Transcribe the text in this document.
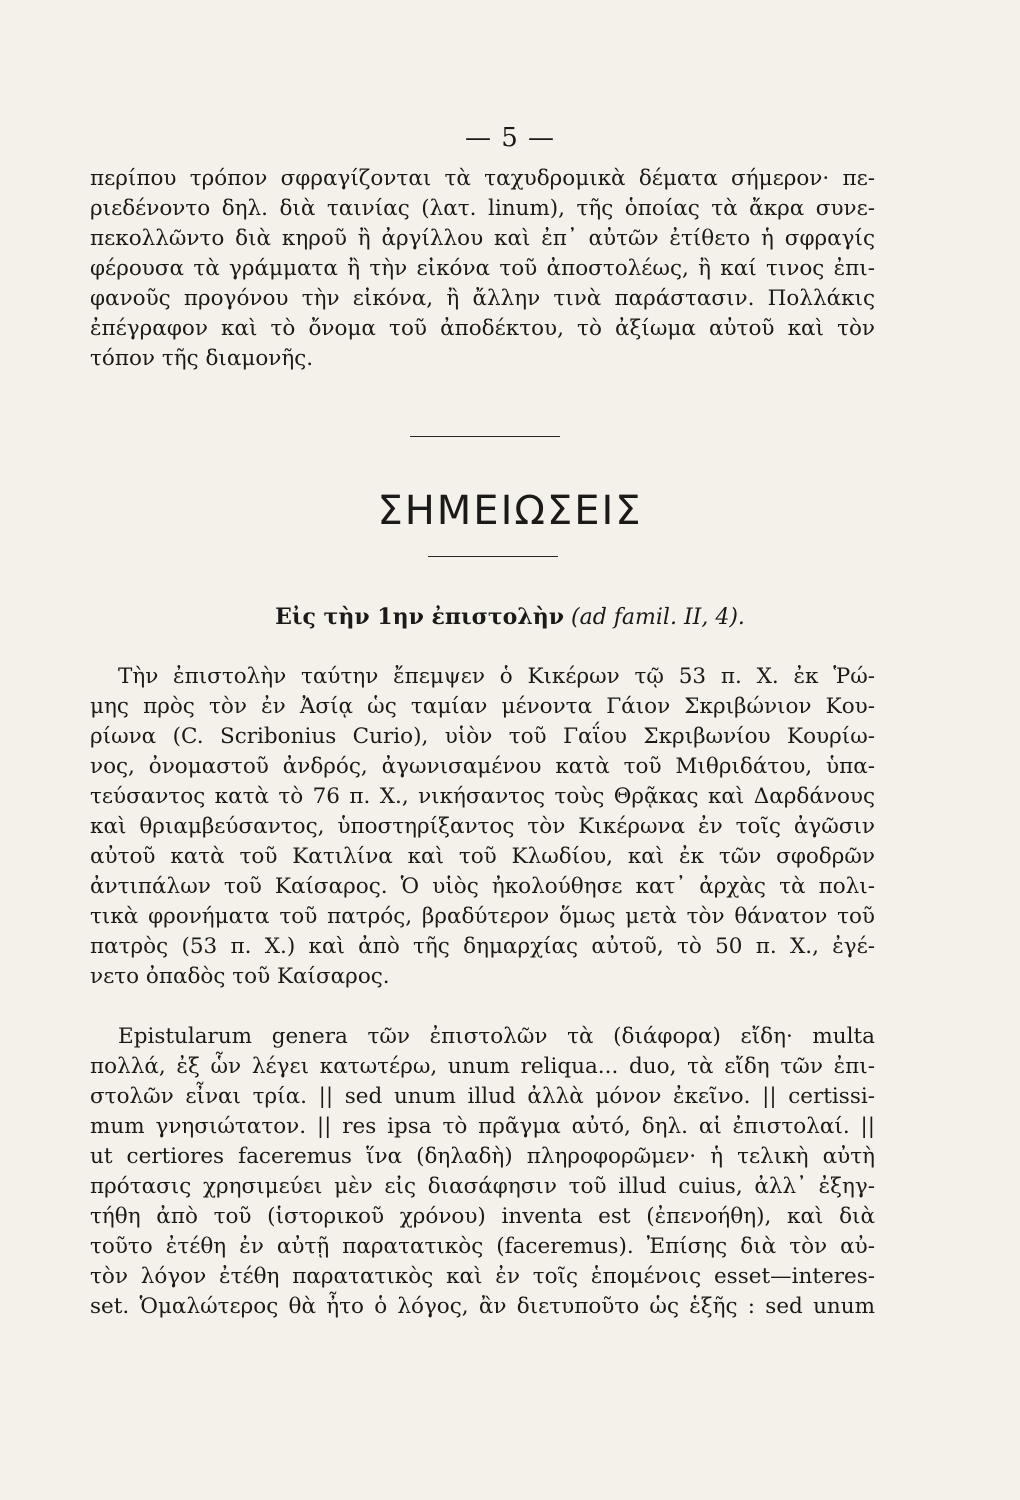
— 5 —
περίπου τρόπον σφραγίζονται τὰ ταχυδρομικὰ δέματα σήμερον· πε-
ριεδένοντο δηλ. διὰ ταινίας (λατ. linum), τῆς ὁποίας τὰ ἄκρα συνε-
πεκολλῶντο διὰ κηροῦ ἢ ἀργίλλου καὶ ἐπ᾽ αὐτῶν ἐτίθετο ἡ σφραγίς
φέρουσα τὰ γράμματα ἢ τὴν εἰκόνα τοῦ ἀποστολέως, ἢ καί τινος ἐπι-
φανοῦς προγόνου τὴν εἰκόνα, ἢ ἄλλην τινὰ παράστασιν. Πολλάκις
ἐπέγραφον καὶ τὸ ὄνομα τοῦ ἀποδέκτου, τὸ ἀξίωμα αὐτοῦ καὶ τὸν
τόπον τῆς διαμονῆς.
ΣΗΜΕΙΩΣΕΙΣ
Εἰς τὴν 1ην ἐπιστολὴν (ad famil. II, 4).
Τὴν ἐπιστολὴν ταύτην ἔπεμψεν ὁ Κικέρων τῷ 53 π. Χ. ἐκ Ῥώ-
μης πρὸς τὸν ἐν Ἀσίᾳ ὡς ταμίαν μένοντα Γάιον Σκριβώνιον Κου-
ρίωνα (C. Scribonius Curio), υἱὸν τοῦ Γαΐου Σκριβωνίου Κουρίω-
νος, ὀνομαστοῦ ἀνδρός, ἀγωνισαμένου κατὰ τοῦ Μιθριδάτου, ὑπα-
τεύσαντος κατὰ τὸ 76 π. Χ., νικήσαντος τοὺς Θρᾷκας καὶ Δαρδάνους
καὶ θριαμβεύσαντος, ὑποστηρίξαντος τὸν Κικέρωνα ἐν τοῖς ἀγῶσιν
αὐτοῦ κατὰ τοῦ Κατιλίνα καὶ τοῦ Κλωδίου, καὶ ἐκ τῶν σφοδρῶν
ἀντιπάλων τοῦ Καίσαρος. Ὁ υἱὸς ἠκολούθησε κατ᾽ ἀρχὰς τὰ πολι-
τικὰ φρονήματα τοῦ πατρός, βραδύτερον ὅμως μετὰ τὸν θάνατον τοῦ
πατρὸς (53 π. Χ.) καὶ ἀπὸ τῆς δημαρχίας αὐτοῦ, τὸ 50 π. Χ., ἐγέ-
νετο ὀπαδὸς τοῦ Καίσαρος.
Epistularum genera τῶν ἐπιστολῶν τὰ (διάφορα) εἴδη· multa
πολλά, ἐξ ὧν λέγει κατωτέρω, unum reliqua... duo, τὰ εἴδη τῶν ἐπι-
στολῶν εἶναι τρία. || sed unum illud ἀλλὰ μόνον ἐκεῖνο. || certissi-
mum γνησιώτατον. || res ipsa τὸ πρᾶγμα αὐτό, δηλ. αἱ ἐπιστολαί. ||
ut certiores faceremus ἵνα (δηλαδὴ) πληροφορῶμεν· ἡ τελικὴ αὐτὴ
πρότασις χρησιμεύει μὲν εἰς διασάφησιν τοῦ illud cuius, ἀλλ᾽ ἐξηγ-
τήθη ἀπὸ τοῦ (ἱστορικοῦ χρόνου) inventa est (ἐπενοήθη), καὶ διὰ
τοῦτο ἐτέθη ἐν αὐτῇ παρατατικὸς (faceremus). Ἐπίσης διὰ τὸν αὐ-
τὸν λόγον ἐτέθη παρατατικὸς καὶ ἐν τοῖς ἑπομένοις esset—interes-
set. Ὁμαλώτερος θὰ ἦτο ὁ λόγος, ἂν διετυποῦτο ὡς ἑξῆς : sed unum
